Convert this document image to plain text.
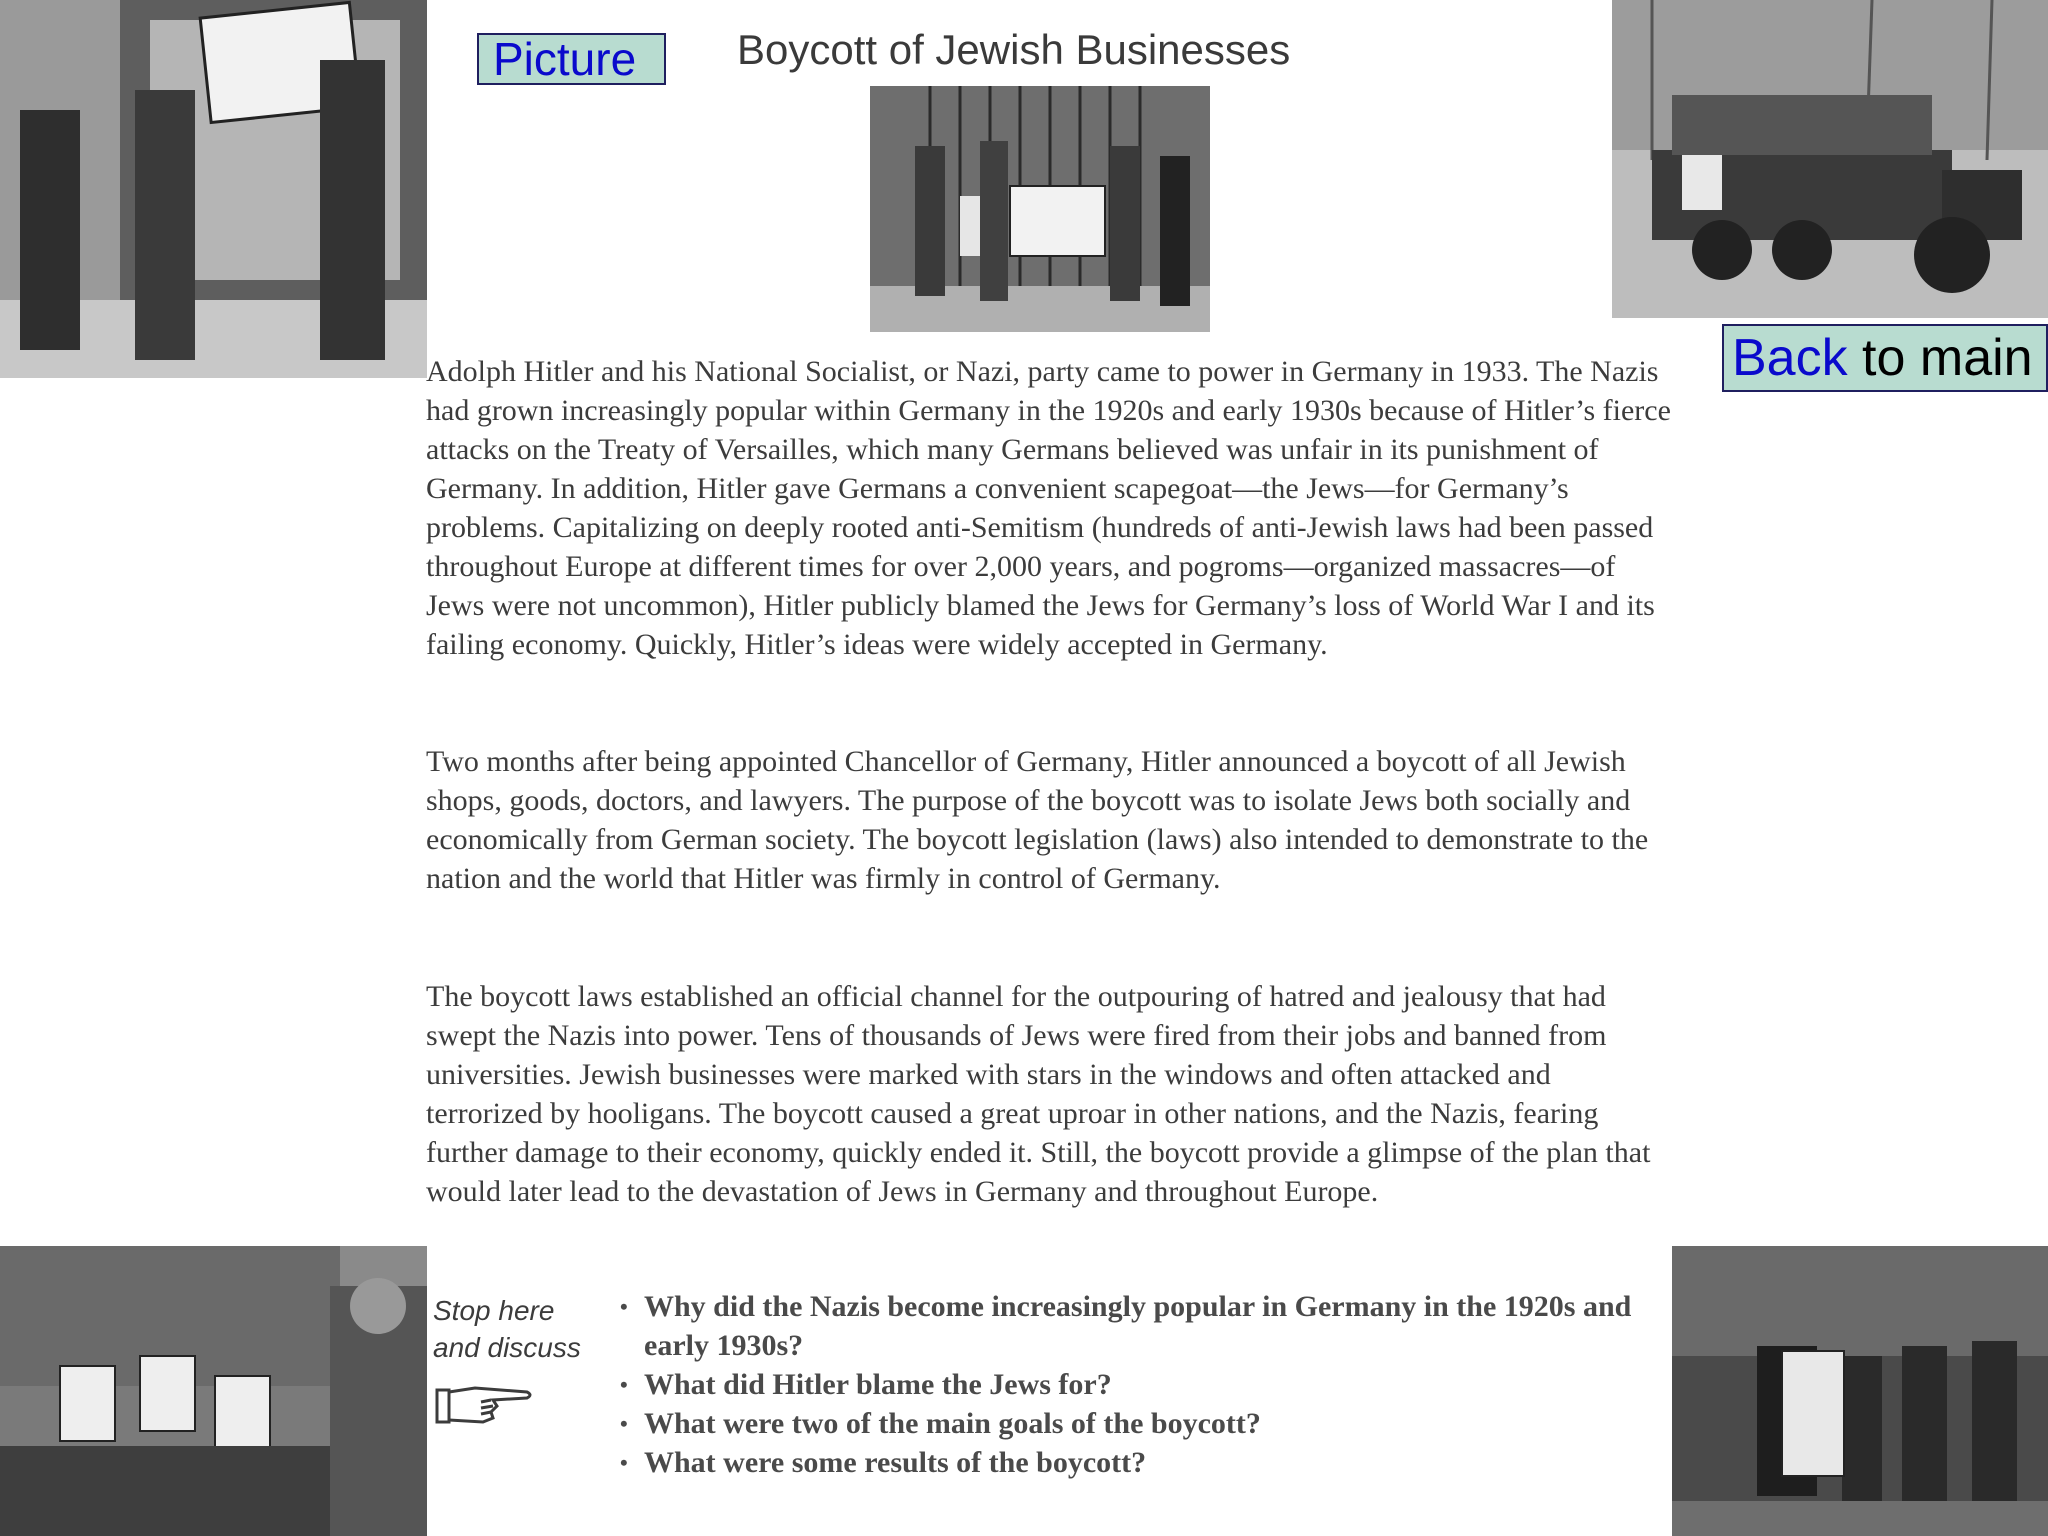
Picture
Back to main
Boycott of Jewish Businesses

Adolph Hitler and his National Socialist, or Nazi, party came to power in Germany in 1933. The Nazis had grown increasingly popular within Germany in the 1920s and early 1930s because of Hitler’s fierce attacks on the Treaty of Versailles, which many Germans believed was unfair in its punishment of Germany. In addition, Hitler gave Germans a convenient scapegoat—the Jews—for Germany’s problems. Capitalizing on deeply rooted anti-Semitism (hundreds of anti-Jewish laws had been passed throughout Europe at different times for over 2,000 years, and pogroms—organized massacres—of Jews were not uncommon), Hitler publicly blamed the Jews for Germany’s loss of World War I and its failing economy. Quickly, Hitler’s ideas were widely accepted in Germany.

Two months after being appointed Chancellor of Germany, Hitler announced a boycott of all Jewish shops, goods, doctors, and lawyers. The purpose of the boycott was to isolate Jews both socially and economically from German society. The boycott legislation (laws) also intended to demonstrate to the nation and the world that Hitler was firmly in control of Germany.

The boycott laws established an official channel for the outpouring of hatred and jealousy that had swept the Nazis into power. Tens of thousands of Jews were fired from their jobs and banned from universities. Jewish businesses were marked with stars in the windows and often attacked and terrorized by hooligans. The boycott caused a great uproar in other nations, and the Nazis, fearing further damage to their economy, quickly ended it. Still, the boycott provide a glimpse of the plan that would later lead to the devastation of Jews in Germany and throughout Europe.

Stop here and discuss
• Why did the Nazis become increasingly popular in Germany in the 1920s and early 1930s?
• What did Hitler blame the Jews for?
• What were two of the main goals of the boycott?
• What were some results of the boycott?
